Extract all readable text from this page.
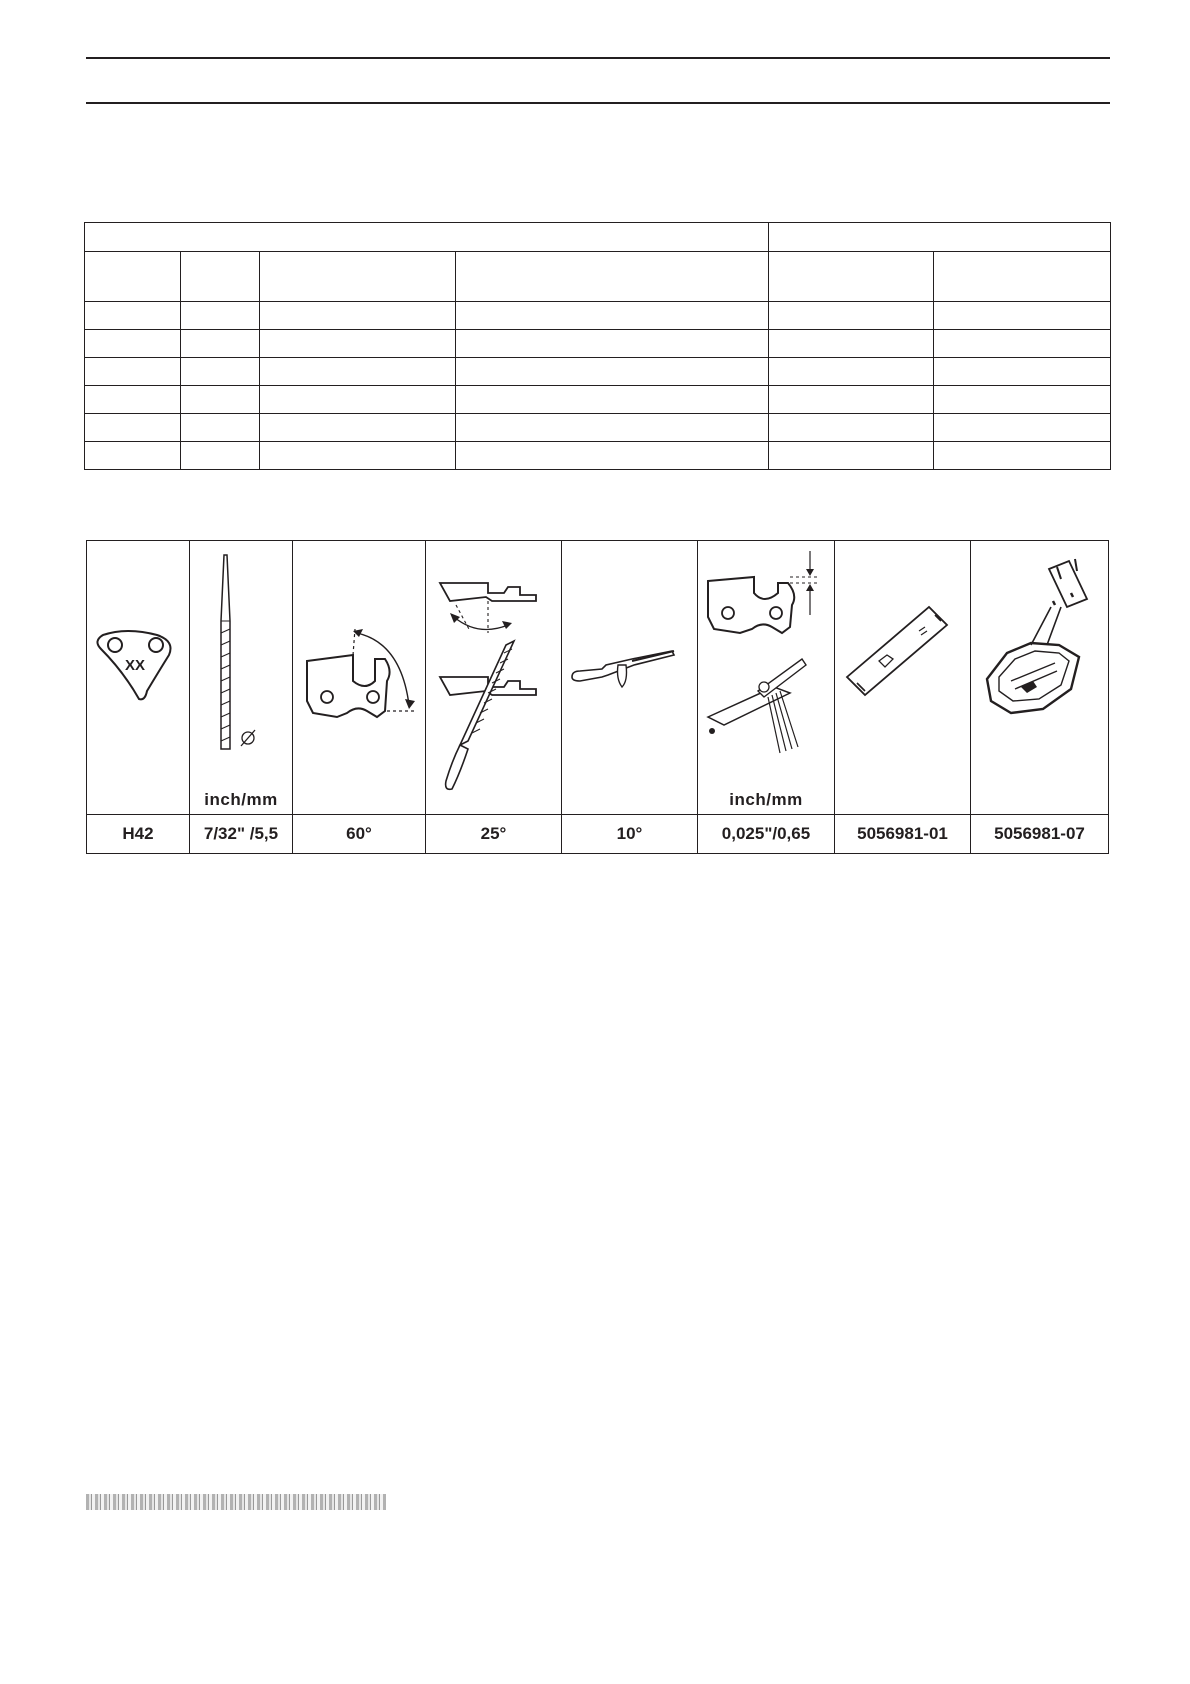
XX	inch/mm				inch/mm

H42	7/32" /5,5	60°	25°	10°	0,025"/0,65	5056981-01	5056981-07
